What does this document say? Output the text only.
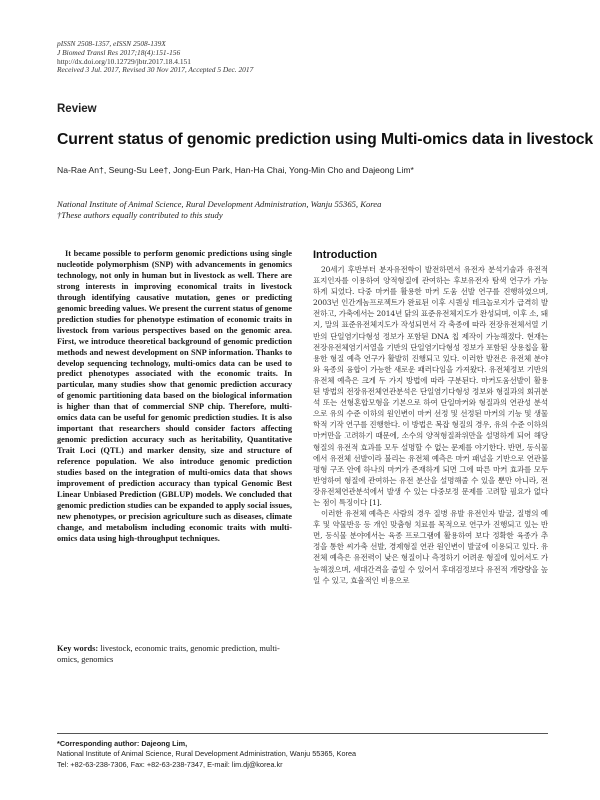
pISSN 2508-1357, eISSN 2508-139X
J Biomed Transl Res 2017;18(4):151-156
http://dx.doi.org/10.12729/jbtr.2017.18.4.151
Received 3 Jul. 2017, Revised 30 Nov 2017, Accepted 5 Dec. 2017
Review
Current status of genomic prediction using Multi-omics data in livestock
Na-Rae An†, Seung-Su Lee†, Jong-Eun Park, Han-Ha Chai, Yong-Min Cho and Dajeong Lim*
National Institute of Animal Science, Rural Development Administration, Wanju 55365, Korea
†These authors equally contributed to this study

It became possible to perform genomic predictions using single nucleotide polymorphism (SNP) with advancements in genomics technology, not only in human but in livestock as well. There are strong interests in improving economical traits in livestock through identifying causative mutation, genes or predicting genomic breeding values. We present the current status of genome prediction studies for phenotype estimation of economic traits in livestock from various perspectives based on the genomic area. First, we introduce theoretical background of genomic prediction methods and newest development on SNP information. Thanks to develop sequencing technology, multi-omics data can be used to predict phenotypes associated with the economic traits. In particular, many studies show that genomic prediction accuracy of genomic partitioning data based on the biological information is higher than that of commercial SNP chip. Therefore, multi-omics data can be useful for genomic prediction studies. It is also important that researchers should consider factors affecting genomic prediction accuracy such as heritability, Quantitative Trait Loci (QTL) and marker density, size and structure of reference population. We also introduce genomic prediction studies based on the integration of multi-omics data that shows improvement of prediction accuracy than typical Genomic Best Linear Unbiased Prediction (GBLUP) models. We concluded that genomic prediction studies can be expanded to apply social issues, new phenotypes, or precision agriculture such as diseases, climate change, and metabolism including economic traits with multi-omics data using high-throughput techniques.

Key words: livestock, economic traits, genomic prediction, multi-omics, genomics

Introduction

20세기 후반부터 분자유전학이 발전하면서 유전자 분석기술과 유전적 표지인자를 이용하여 양적형질에 관여하는 후보유전자 탐색 연구가 가능하게 되었다. 다중 마커를 활용한 마커 도움 선발 연구를 진행하였으며, 2003년 인간게놈프로젝트가 완료된 이후 시퀀싱 테크놀로지가 급격히 발전하고, 가축에서는 2014년 닭의 표준유전체지도가 완성되며, 이후 소, 돼지, 말의 표준유전체지도가 작성되면서 각 축종에 따라 전장유전체서열 기반의 단일염기다형성 정보가 포함된 DNA 칩 제작이 가능해졌다. 현재는 전장유전체염기서열을 기반의 단일염기다형성 정보가 포함된 상용칩을 활용한 형질 예측 연구가 활발히 진행되고 있다. 이러한 발전은 유전체 분야와 육종의 융합이 가능한 새로운 패러다임을 가져왔다. 유전체정보 기반의 유전체 예측은 크게 두 가지 방법에 따라 구분된다. 마커도움선발이 활용된 방법의 전장유전체연관분석은 단일염기다형성 정보와 형질과의 회귀분석 또는 선형혼합모형을 기본으로 하여 단일마커와 형질과의 연관성 분석으로 유의 수준 이하의 원인변이 마커 선정 및 선정된 마커의 기능 및 생물학적 기작 연구를 진행한다. 이 방법은 복잡 형질의 경우, 유의 수준 이하의 마커만을 고려하기 때문에, 소수의 양적형질좌위만을 설명하게 되어 해당 형질의 유전적 효과를 모두 설명할 수 없는 문제를 야기한다. 반면, 동식물에서 유전체 선발이라 불리는 유전체 예측은 마커 패널을 기반으로 연관불평형 구조 안에 하나의 마커가 존재하게 되면 그에 따른 마커 효과를 모두 반영하여 형질에 관여하는 유전 분산을 설명해줄 수 있을 뿐만 아니라, 전장유전체연관분석에서 발생 수 있는 다중보정 문제를 고려할 필요가 없다는 점이 특징이다 [1].

이러한 유전체 예측은 사람의 경우 질병 유발 유전인자 발굴, 질병의 예후 및 약물반응 등 개인 맞춤형 치료를 목적으로 연구가 진행되고 있는 반면, 동식물 분야에서는 육종 프로그램에 활용하여 보다 정확한 육종가 추정을 통한 씨가축 선발, 경제형질 연관 원인변이 발굴에 이용되고 있다. 유전체 예측은 유전력이 낮은 형질이나 측정하기 어려운 형질에 있어서도 가능해졌으며, 세대간격을 줄일 수 있어서 후대검정보다 유전적 개량량을 높일 수 있고, 효율적인 비용으로

*Corresponding author: Dajeong Lim,
National Institute of Animal Science, Rural Development Administration, Wanju 55365, Korea
Tel: +82-63-238-7306, Fax: +82-63-238-7347, E-mail: lim.dj@korea.kr
